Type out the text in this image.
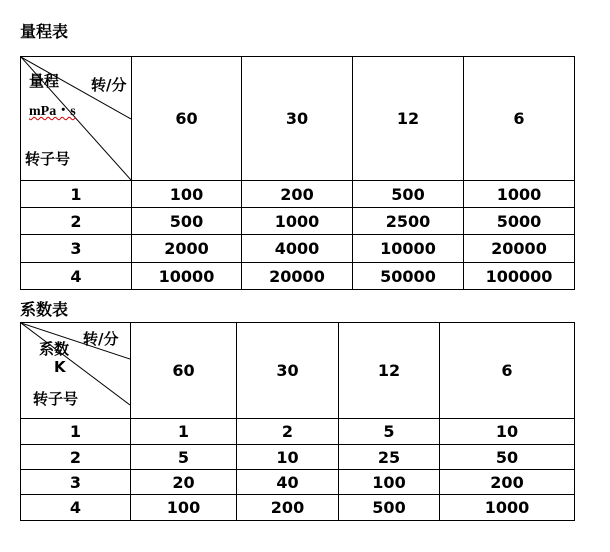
量程表
量程 转/分
mPa・s
转子号	60	30	12	6
1	100	200	500	1000
2	500	1000	2500	5000
3	2000	4000	10000	20000
4	10000	20000	50000	100000
系数表
转/分
系数
K
转子号	60	30	12	6
1	1	2	5	10
2	5	10	25	50
3	20	40	100	200
4	100	200	500	1000
